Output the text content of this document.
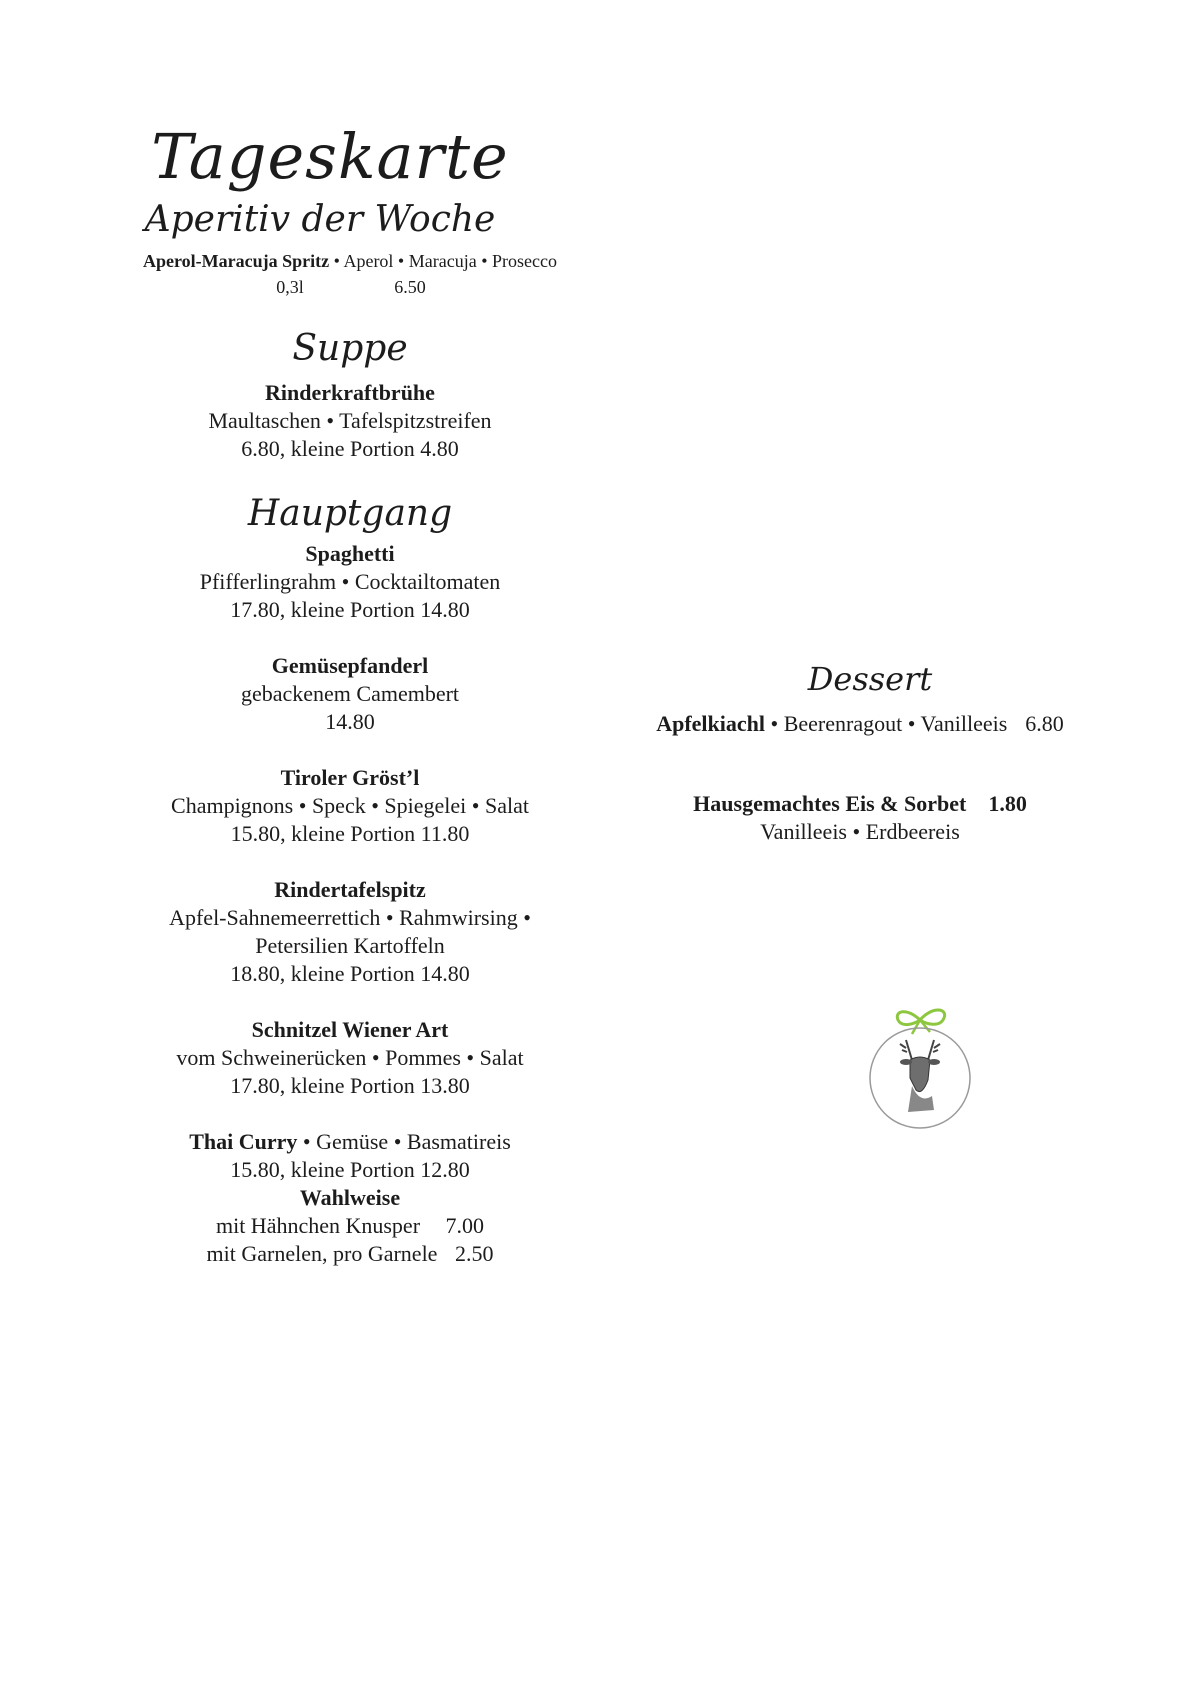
Tageskarte
Aperitiv der Woche
Aperol-Maracuja Spritz • Aperol • Maracuja • Prosecco
0,3l	6.50
Suppe
Rinderkraftbrühe
Maultaschen • Tafelspitzstreifen
6.80, kleine Portion 4.80
Hauptgang
Spaghetti
Pfifferlingrahm • Cocktailtomaten
17.80, kleine Portion 14.80
Gemüsepfanderl
gebackenem Camembert
14.80
Tiroler Gröst’l
Champignons • Speck • Spiegelei • Salat
15.80, kleine Portion 11.80
Rindertafelspitz
Apfel-Sahnemeerrettich • Rahmwirsing •
Petersilien Kartoffeln
18.80, kleine Portion 14.80
Schnitzel Wiener Art
vom Schweinerücken • Pommes • Salat
17.80, kleine Portion 13.80
Thai Curry • Gemüse • Basmatireis
15.80, kleine Portion 12.80
Wahlweise
mit Hähnchen Knusper 7.00
mit Garnelen, pro Garnele 2.50
Dessert
Apfelkiachl • Beerenragout • Vanilleeis 6.80
Hausgemachtes Eis & Sorbet 1.80
Vanilleeis • Erdbeereis
